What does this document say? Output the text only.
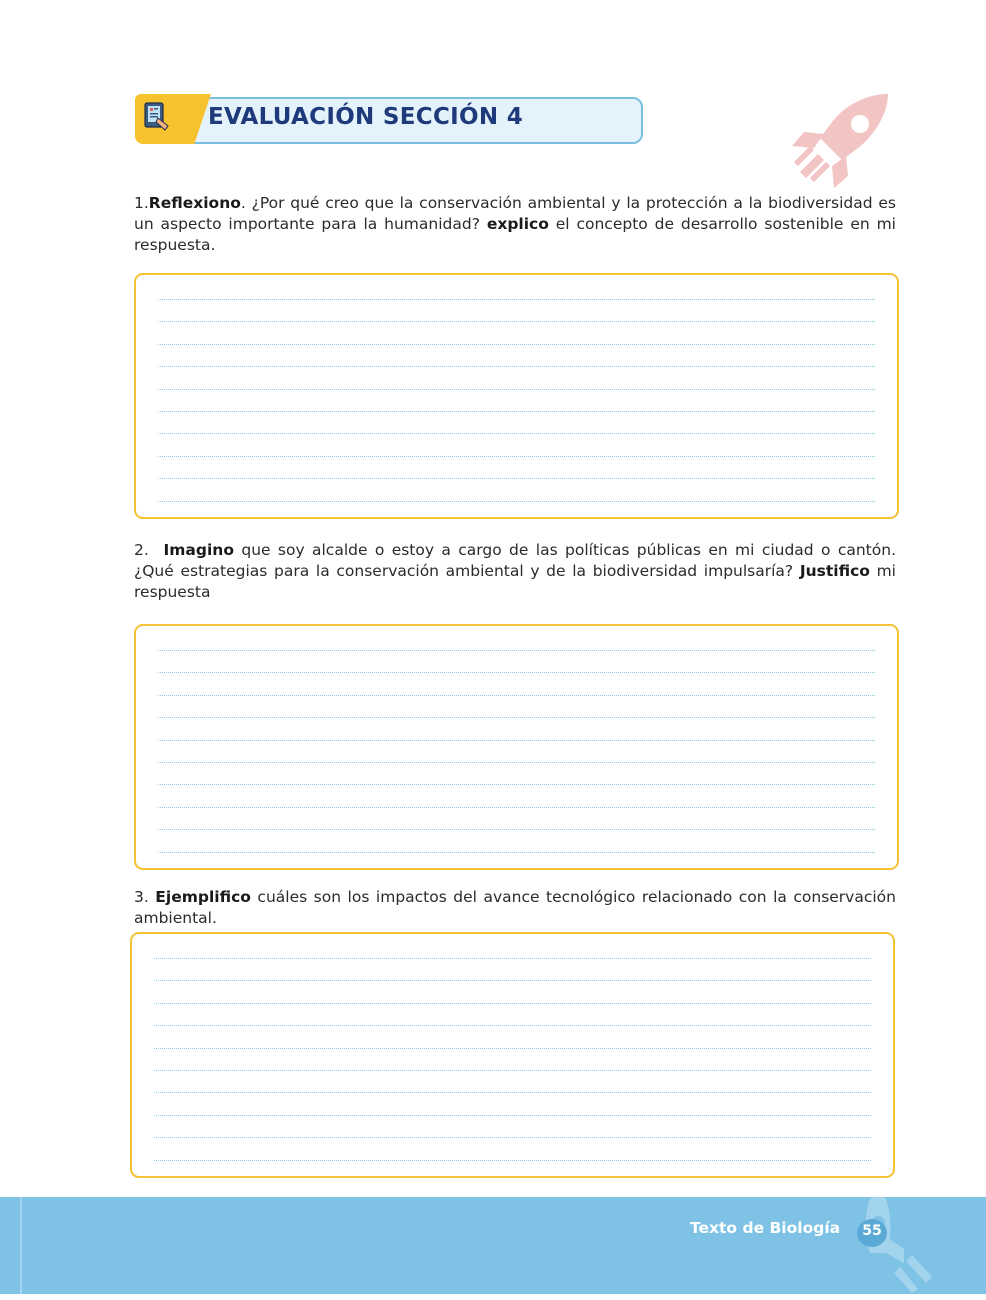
EVALUACIÓN SECCIÓN 4
1.Reflexiono. ¿Por qué creo que la conservación ambiental y la protección a la biodiversidad es un aspecto importante para la humanidad? explico el concepto de desarrollo sostenible en mi respuesta.
2. Imagino que soy alcalde o estoy a cargo de las políticas públicas en mi ciudad o cantón. ¿Qué estrategias para la conservación ambiental y de la biodiversidad impulsaría? Justifico mi respuesta
3. Ejemplifico cuáles son los impactos del avance tecnológico relacionado con la conservación ambiental.
Texto de Biología	55
